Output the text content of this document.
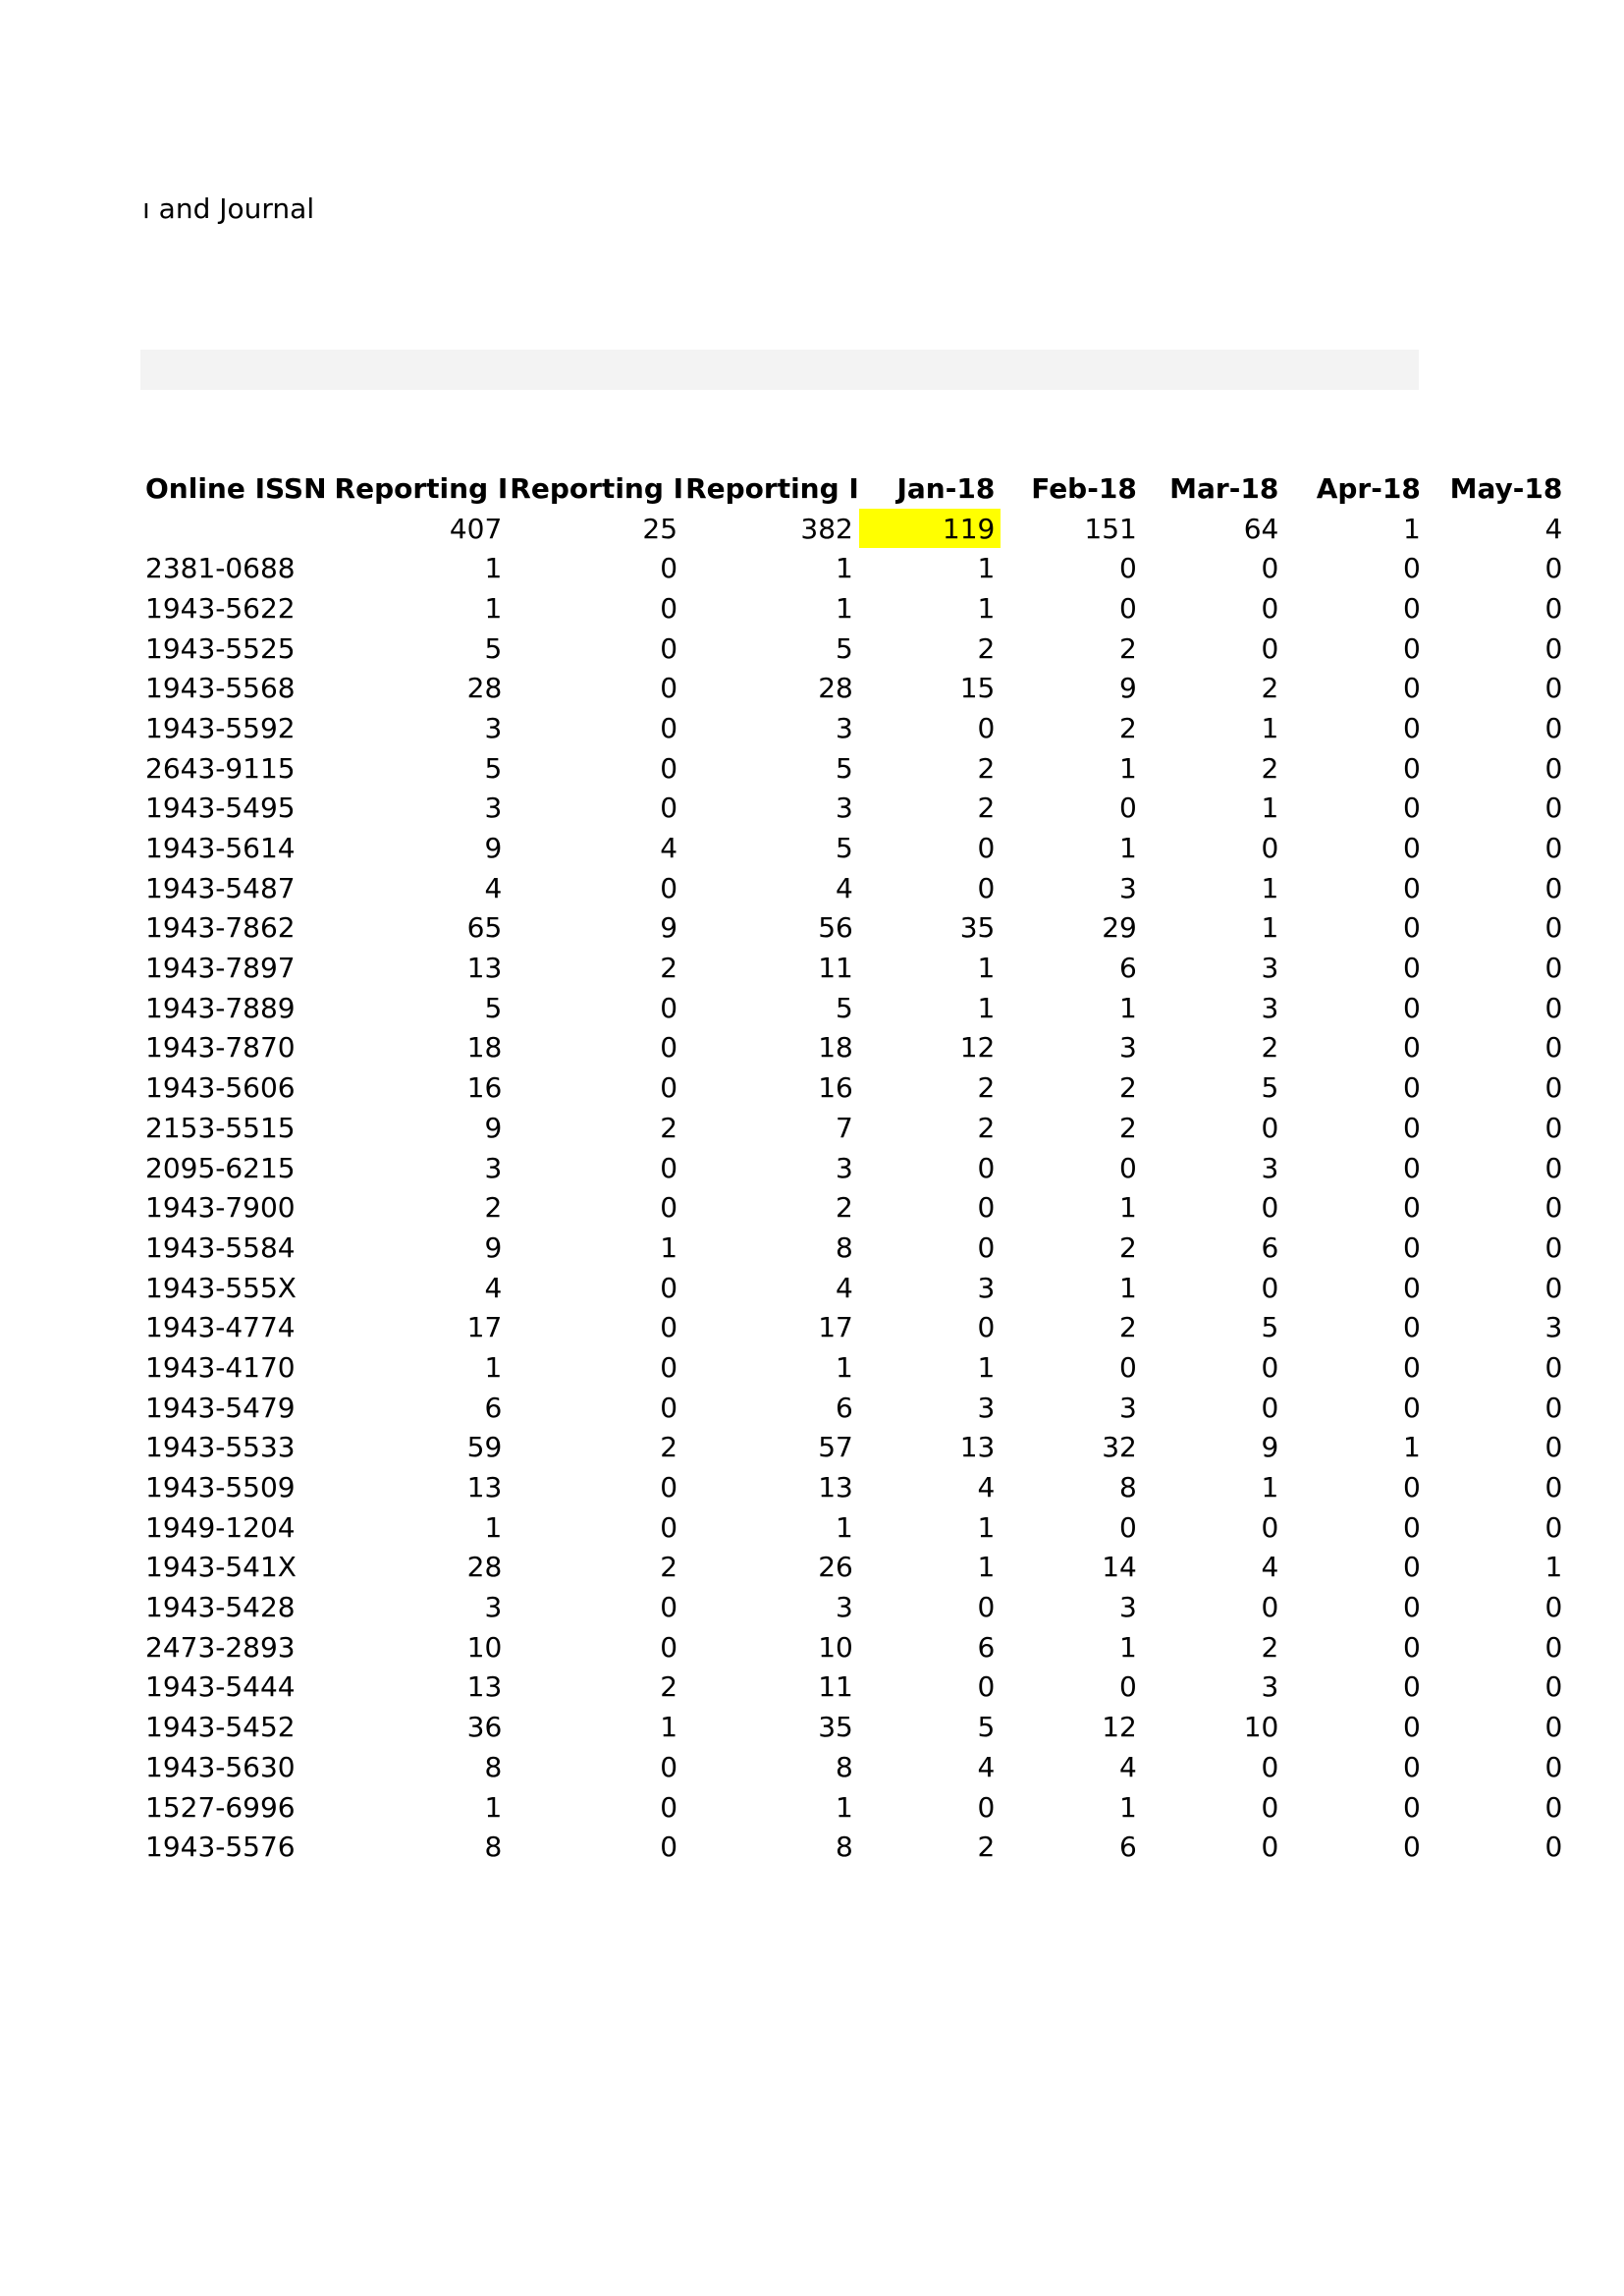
ı and Journal
Online ISSN	Reporting I	Reporting I	Reporting I	Jan-18	Feb-18	Mar-18	Apr-18	May-18
	407	25	382	119	151	64	1	4
2381-0688	1	0	1	1	0	0	0	0
1943-5622	1	0	1	1	0	0	0	0
1943-5525	5	0	5	2	2	0	0	0
1943-5568	28	0	28	15	9	2	0	0
1943-5592	3	0	3	0	2	1	0	0
2643-9115	5	0	5	2	1	2	0	0
1943-5495	3	0	3	2	0	1	0	0
1943-5614	9	4	5	0	1	0	0	0
1943-5487	4	0	4	0	3	1	0	0
1943-7862	65	9	56	35	29	1	0	0
1943-7897	13	2	11	1	6	3	0	0
1943-7889	5	0	5	1	1	3	0	0
1943-7870	18	0	18	12	3	2	0	0
1943-5606	16	0	16	2	2	5	0	0
2153-5515	9	2	7	2	2	0	0	0
2095-6215	3	0	3	0	0	3	0	0
1943-7900	2	0	2	0	1	0	0	0
1943-5584	9	1	8	0	2	6	0	0
1943-555X	4	0	4	3	1	0	0	0
1943-4774	17	0	17	0	2	5	0	3
1943-4170	1	0	1	1	0	0	0	0
1943-5479	6	0	6	3	3	0	0	0
1943-5533	59	2	57	13	32	9	1	0
1943-5509	13	0	13	4	8	1	0	0
1949-1204	1	0	1	1	0	0	0	0
1943-541X	28	2	26	1	14	4	0	1
1943-5428	3	0	3	0	3	0	0	0
2473-2893	10	0	10	6	1	2	0	0
1943-5444	13	2	11	0	0	3	0	0
1943-5452	36	1	35	5	12	10	0	0
1943-5630	8	0	8	4	4	0	0	0
1527-6996	1	0	1	0	1	0	0	0
1943-5576	8	0	8	2	6	0	0	0
